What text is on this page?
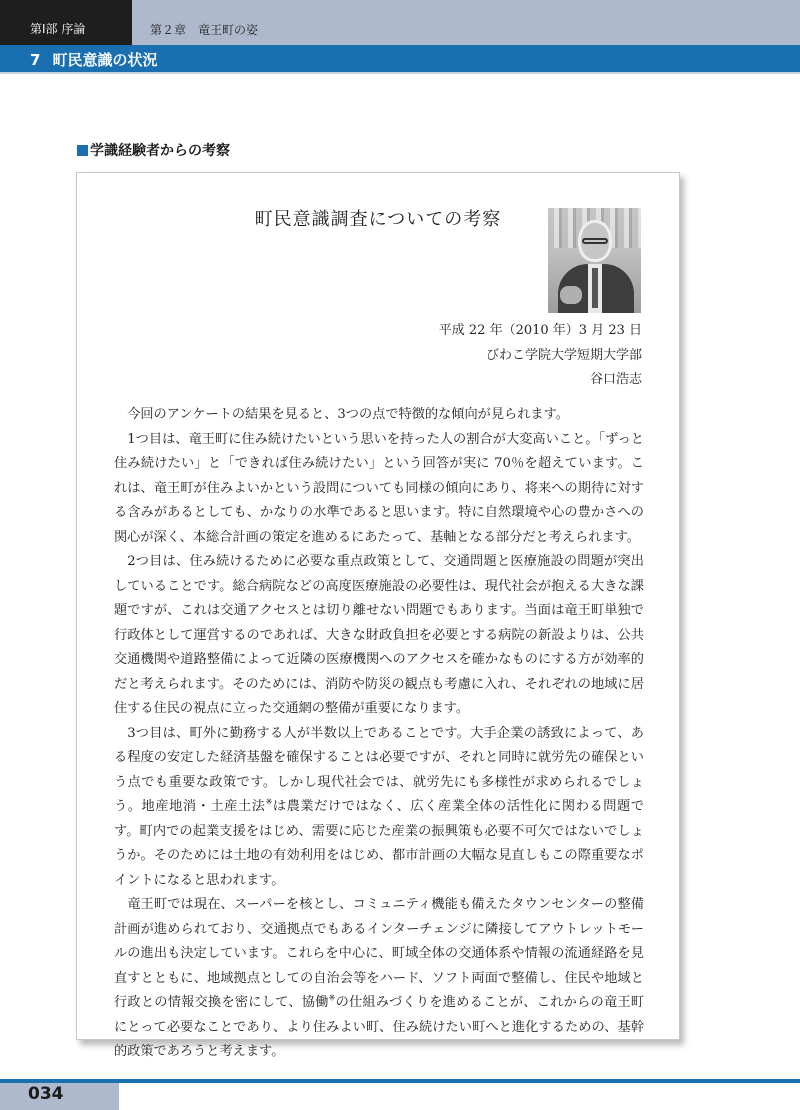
第Ⅰ部 序論	第２章　竜王町の姿
7 町民意識の状況
学識経験者からの考察
町民意識調査についての考察
平成 22 年（2010 年）3 月 23 日
びわこ学院大学短期大学部
谷口浩志

今回のアンケートの結果を見ると、3つの点で特徴的な傾向が見られます。

1つ目は、竜王町に住み続けたいという思いを持った人の割合が大変高いこと。「ずっと住み続けたい」と「できれば住み続けたい」という回答が実に 70％を超えています。これは、竜王町が住みよいかという設問についても同様の傾向にあり、将来への期待に対する含みがあるとしても、かなりの水準であると思います。特に自然環境や心の豊かさへの関心が深く、本総合計画の策定を進めるにあたって、基軸となる部分だと考えられます。

2つ目は、住み続けるために必要な重点政策として、交通問題と医療施設の問題が突出していることです。総合病院などの高度医療施設の必要性は、現代社会が抱える大きな課題ですが、これは交通アクセスとは切り離せない問題でもあります。当面は竜王町単独で行政体として運営するのであれば、大きな財政負担を必要とする病院の新設よりは、公共交通機関や道路整備によって近隣の医療機関へのアクセスを確かなものにする方が効率的だと考えられます。そのためには、消防や防災の観点も考慮に入れ、それぞれの地域に居住する住民の視点に立った交通網の整備が重要になります。

3つ目は、町外に勤務する人が半数以上であることです。大手企業の誘致によって、ある程度の安定した経済基盤を確保することは必要ですが、それと同時に就労先の確保という点でも重要な政策です。しかし現代社会では、就労先にも多様性が求められるでしょう。地産地消・土産土法※は農業だけではなく、広く産業全体の活性化に関わる問題です。町内での起業支援をはじめ、需要に応じた産業の振興策も必要不可欠ではないでしょうか。そのためには土地の有効利用をはじめ、都市計画の大幅な見直しもこの際重要なポイントになると思われます。

竜王町では現在、スーパーを核とし、コミュニティ機能も備えたタウンセンターの整備計画が進められており、交通拠点でもあるインターチェンジに隣接してアウトレットモールの進出も決定しています。これらを中心に、町域全体の交通体系や情報の流通経路を見直すとともに、地域拠点としての自治会等をハード、ソフト両面で整備し、住民や地域と行政との情報交換を密にして、協働※の仕組みづくりを進めることが、これからの竜王町にとって必要なことであり、より住みよい町、住み続けたい町へと進化するための、基幹的政策であろうと考えます。

034
